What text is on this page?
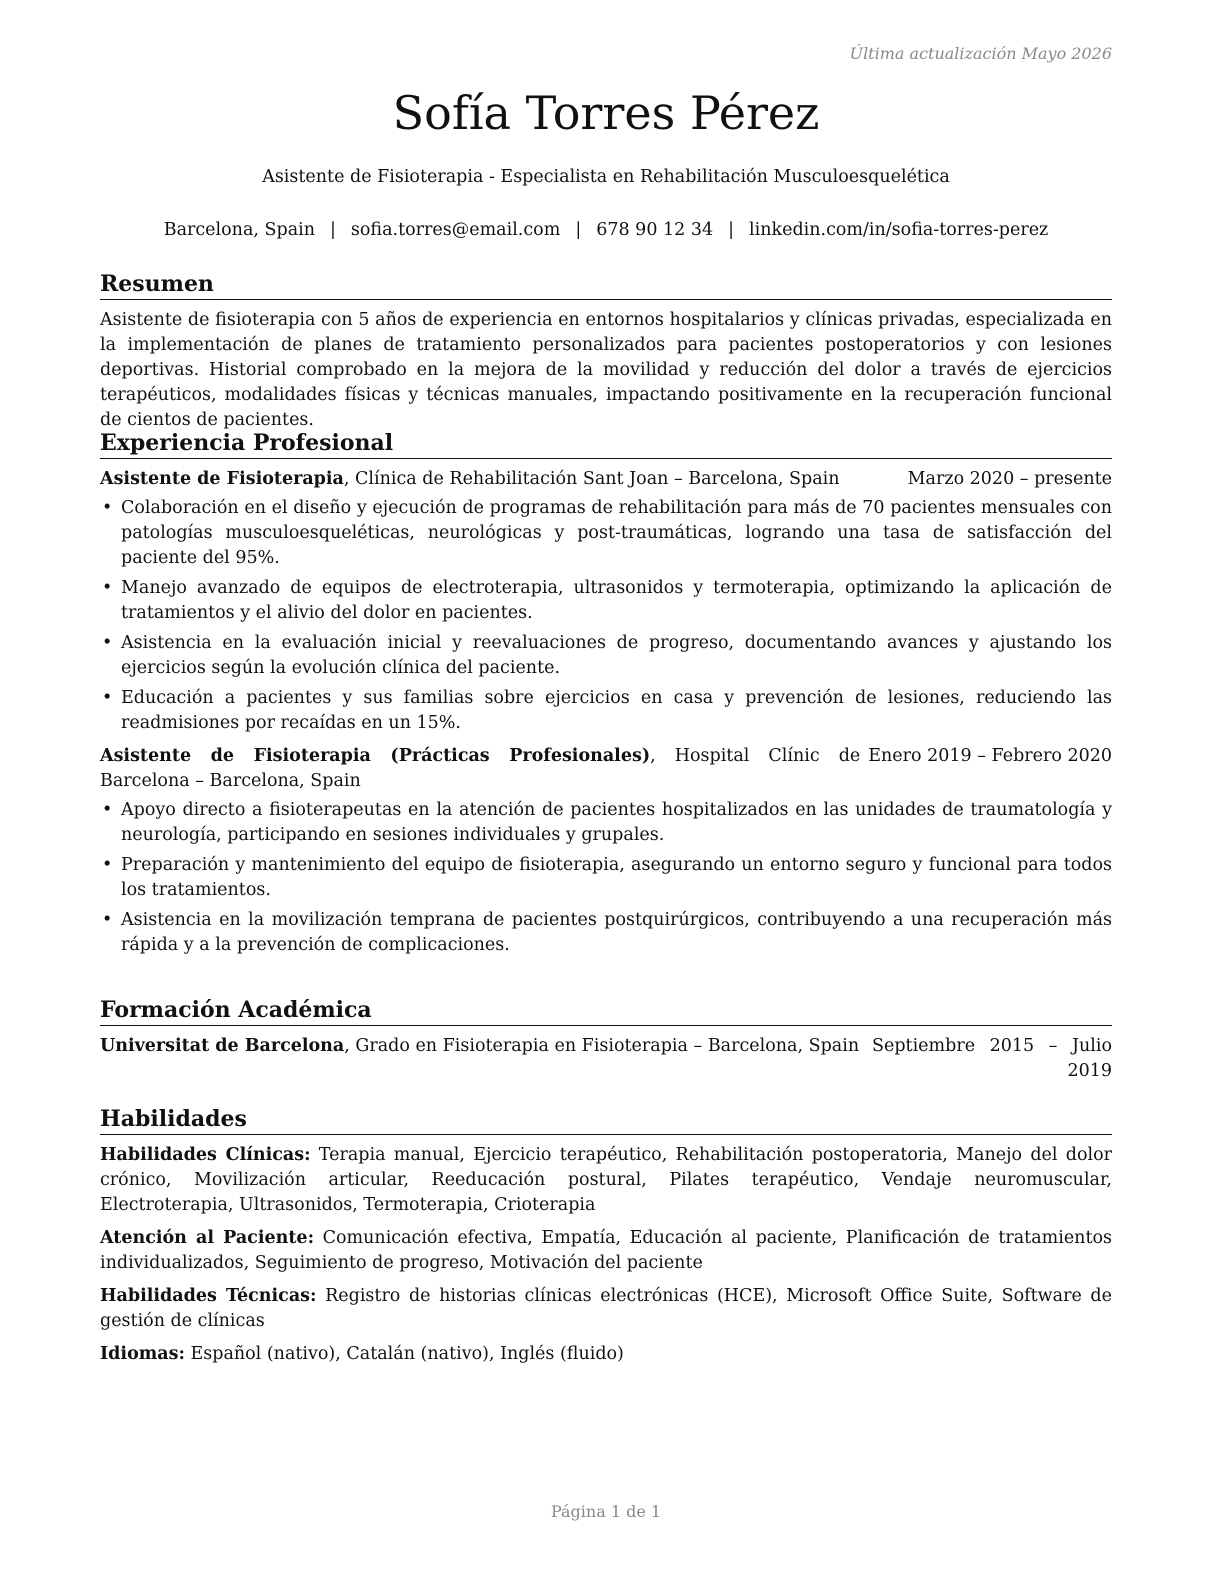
Última actualización Mayo 2026
Sofía Torres Pérez
Asistente de Fisioterapia - Especialista en Rehabilitación Musculoesquelética
Barcelona, Spain | sofia.torres@email.com | 678 90 12 34 | linkedin.com/in/sofia-torres-perez
Resumen
Asistente de fisioterapia con 5 años de experiencia en entornos hospitalarios y clínicas privadas, especializada en la implementación de planes de tratamiento personalizados para pacientes postoperatorios y con lesiones deportivas. Historial comprobado en la mejora de la movilidad y reducción del dolor a través de ejercicios terapéuticos, modalidades físicas y técnicas manuales, impactando positivamente en la recuperación funcional de cientos de pacientes.
Experiencia Profesional
Asistente de Fisioterapia, Clínica de Rehabilitación Sant Joan – Barcelona, Spain	Marzo 2020 – presente
• Colaboración en el diseño y ejecución de programas de rehabilitación para más de 70 pacientes mensuales con patologías musculoesqueléticas, neurológicas y post-traumáticas, logrando una tasa de satisfacción del paciente del 95%.
• Manejo avanzado de equipos de electroterapia, ultrasonidos y termoterapia, optimizando la aplicación de tratamientos y el alivio del dolor en pacientes.
• Asistencia en la evaluación inicial y reevaluaciones de progreso, documentando avances y ajustando los ejercicios según la evolución clínica del paciente.
• Educación a pacientes y sus familias sobre ejercicios en casa y prevención de lesiones, reduciendo las readmisiones por recaídas en un 15%.
Asistente de Fisioterapia (Prácticas Profesionales), Hospital Clínic de Barcelona – Barcelona, Spain
Enero 2019 – Febrero 2020
• Apoyo directo a fisioterapeutas en la atención de pacientes hospitalizados en las unidades de traumatología y neurología, participando en sesiones individuales y grupales.
• Preparación y mantenimiento del equipo de fisioterapia, asegurando un entorno seguro y funcional para todos los tratamientos.
• Asistencia en la movilización temprana de pacientes postquirúrgicos, contribuyendo a una recuperación más rápida y a la prevención de complicaciones.
Formación Académica
Universitat de Barcelona, Grado en Fisioterapia en Fisioterapia – Barcelona, Spain Septiembre 2015 – Julio 2019
Habilidades
Habilidades Clínicas: Terapia manual, Ejercicio terapéutico, Rehabilitación postoperatoria, Manejo del dolor crónico, Movilización articular, Reeducación postural, Pilates terapéutico, Vendaje neuromuscular, Electroterapia, Ultrasonidos, Termoterapia, Crioterapia
Atención al Paciente: Comunicación efectiva, Empatía, Educación al paciente, Planificación de tratamientos individualizados, Seguimiento de progreso, Motivación del paciente
Habilidades Técnicas: Registro de historias clínicas electrónicas (HCE), Microsoft Office Suite, Software de gestión de clínicas
Idiomas: Español (nativo), Catalán (nativo), Inglés (fluido)
Página 1 de 1
